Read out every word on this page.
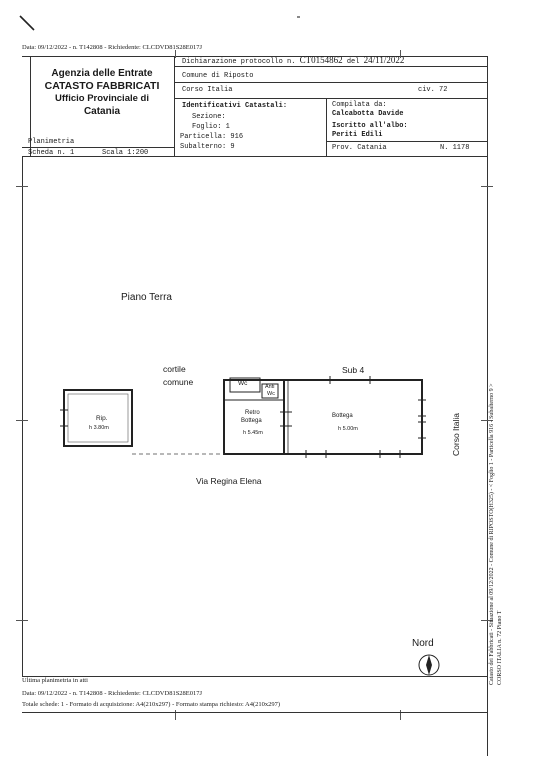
Data: 09/12/2022 - n. T142808 - Richiedente: CLCDVD81S28E017J
Agenzia delle Entrate
CATASTO FABBRICATI
Ufficio Provinciale di
Catania
Dichiarazione protocollo n. CT0154862 del 24/11/2022
Comune di Riposto
Corso Italia	civ. 72
Identificativi Catastali:
Sezione:
Foglio: 1
Particella: 916
Subalterno: 9
Compilata da:
Calcabotta Davide
Iscritto all'albo:
Periti Edili
Prov. Catania	N. 1178
Planimetria
Scheda n. 1	Scala 1:200
Piano Terra
cortile
comune
Sub 4
Rip.
h 3.80m
Wc	Anti
Wc
Retro
Bottega
h 5.45m
Bottega
h 5.00m
Via Regina Elena
Corso Italia
Nord	Catasto dei Fabbricati - Situazione al 09/12/2022 - Comune di RIPOSTO(H325) - < Foglio 1 - Particella 916 - Subalterno 9 > CORSO ITALIA n. 72 Piano T
Ultima planimetria in atti
Data: 09/12/2022 - n. T142808 - Richiedente: CLCDVD81S28E017J
Totale schede: 1 - Formato di acquisizione: A4(210x297) - Formato stampa richiesto: A4(210x297)
